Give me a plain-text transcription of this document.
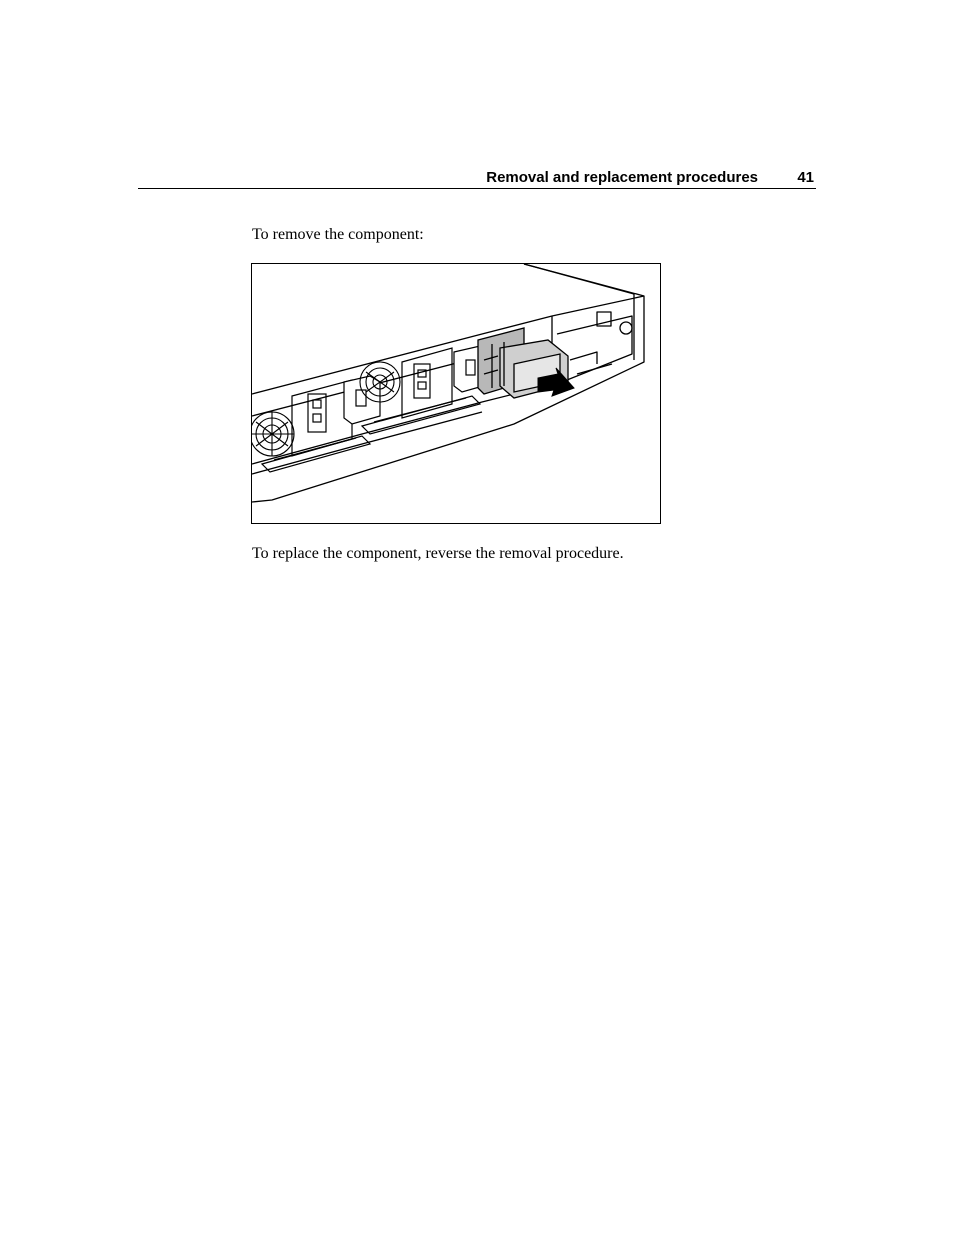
Removal and replacement procedures	41
To remove the component:
To replace the component, reverse the removal procedure.
